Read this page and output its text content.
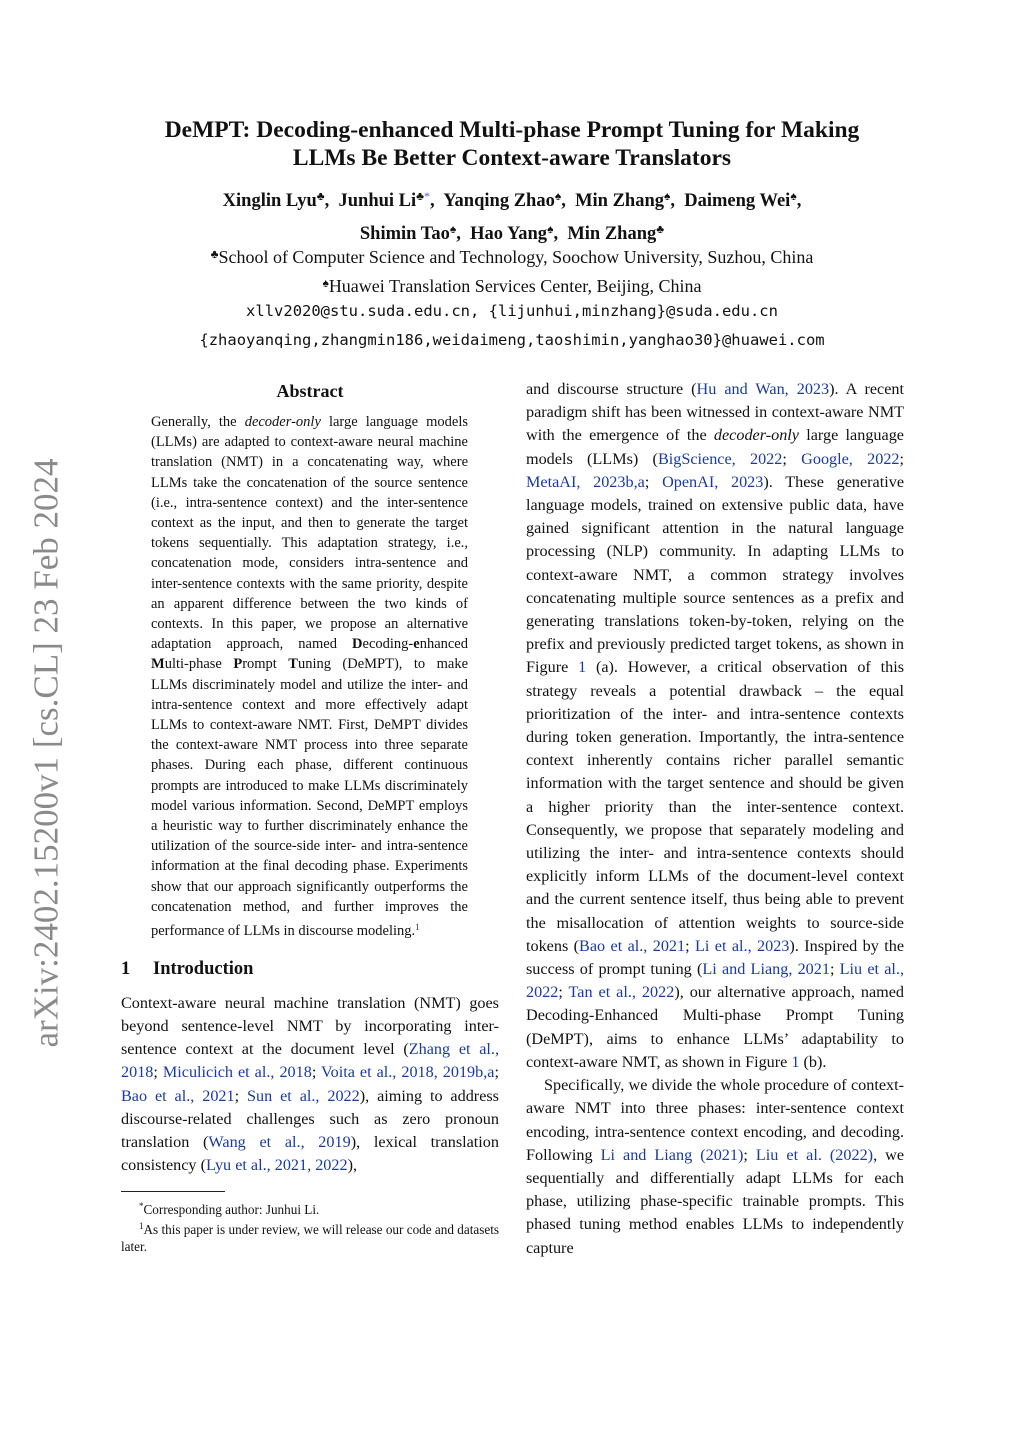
arXiv:2402.15200v1 [cs.CL] 23 Feb 2024
DeMPT: Decoding-enhanced Multi-phase Prompt Tuning for Making
LLMs Be Better Context-aware Translators
Xinglin Lyu♣,  Junhui Li♣*,  Yanqing Zhao♠,  Min Zhang♠,  Daimeng Wei♠,
Shimin Tao♠,  Hao Yang♠,  Min Zhang♣
♣School of Computer Science and Technology, Soochow University, Suzhou, China
♠Huawei Translation Services Center, Beijing, China
xllv2020@stu.suda.edu.cn, {lijunhui,minzhang}@suda.edu.cn
{zhaoyanqing,zhangmin186,weidaimeng,taoshimin,yanghao30}@huawei.com
Abstract

Generally, the decoder-only large language models (LLMs) are adapted to context-aware neural machine translation (NMT) in a concatenating way, where LLMs take the concatenation of the source sentence (i.e., intra-sentence context) and the inter-sentence context as the input, and then to generate the target tokens sequentially. This adaptation strategy, i.e., concatenation mode, considers intra-sentence and inter-sentence contexts with the same priority, despite an apparent difference between the two kinds of contexts. In this paper, we propose an alternative adaptation approach, named Decoding-enhanced Multi-phase Prompt Tuning (DeMPT), to make LLMs discriminately model and utilize the inter- and intra-sentence context and more effectively adapt LLMs to context-aware NMT. First, DeMPT divides the context-aware NMT process into three separate phases. During each phase, different continuous prompts are introduced to make LLMs discriminately model various information. Second, DeMPT employs a heuristic way to further discriminately enhance the utilization of the source-side inter- and intra-sentence information at the final decoding phase. Experiments show that our approach significantly outperforms the concatenation method, and further improves the performance of LLMs in discourse modeling.$^1$

1 Introduction

Context-aware neural machine translation (NMT) goes beyond sentence-level NMT by incorporating inter-sentence context at the document level (Zhang et al., 2018; Miculicich et al., 2018; Voita et al., 2018, 2019b,a; Bao et al., 2021; Sun et al., 2022), aiming to address discourse-related challenges such as zero pronoun translation (Wang et al., 2019), lexical translation consistency (Lyu et al., 2021, 2022),

*Corresponding author: Junhui Li.

$^1$As this paper is under review, we will release our code and datasets later.

and discourse structure (Hu and Wan, 2023). A recent paradigm shift has been witnessed in context-aware NMT with the emergence of the decoder-only large language models (LLMs) (BigScience, 2022; Google, 2022; MetaAI, 2023b,a; OpenAI, 2023). These generative language models, trained on extensive public data, have gained significant attention in the natural language processing (NLP) community. In adapting LLMs to context-aware NMT, a common strategy involves concatenating multiple source sentences as a prefix and generating translations token-by-token, relying on the prefix and previously predicted target tokens, as shown in Figure 1 (a). However, a critical observation of this strategy reveals a potential drawback – the equal prioritization of the inter- and intra-sentence contexts during token generation. Importantly, the intra-sentence context inherently contains richer parallel semantic information with the target sentence and should be given a higher priority than the inter-sentence context. Consequently, we propose that separately modeling and utilizing the inter- and intra-sentence contexts should explicitly inform LLMs of the document-level context and the current sentence itself, thus being able to prevent the misallocation of attention weights to source-side tokens (Bao et al., 2021; Li et al., 2023). Inspired by the success of prompt tuning (Li and Liang, 2021; Liu et al., 2022; Tan et al., 2022), our alternative approach, named Decoding-Enhanced Multi-phase Prompt Tuning (DeMPT), aims to enhance LLMs’ adaptability to context-aware NMT, as shown in Figure 1 (b).

Specifically, we divide the whole procedure of context-aware NMT into three phases: inter-sentence context encoding, intra-sentence context encoding, and decoding. Following Li and Liang (2021); Liu et al. (2022), we sequentially and differentially adapt LLMs for each phase, utilizing phase-specific trainable prompts. This phased tuning method enables LLMs to independently capture
